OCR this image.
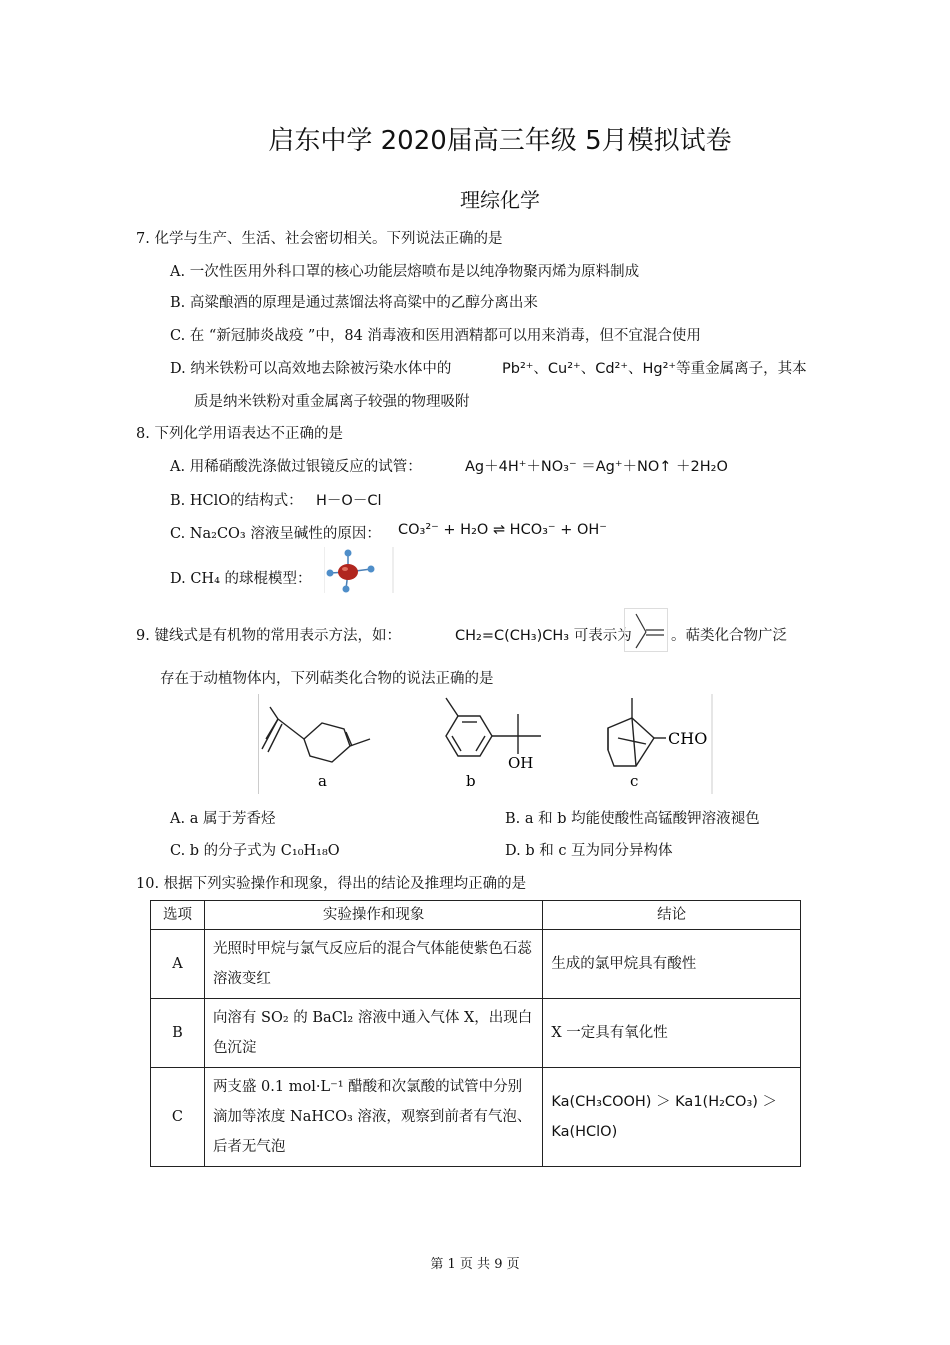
启东中学 2020届高三年级 5月模拟试卷
理综化学
7. 化学与生产、生活、社会密切相关。下列说法正确的是
A. 一次性医用外科口罩的核心功能层熔喷布是以纯净物聚丙烯为原料制成
B. 高粱酿酒的原理是通过蒸馏法将高粱中的乙醇分离出来
C. 在 “新冠肺炎战疫 ”中，84 消毒液和医用酒精都可以用来消毒，但不宜混合使用
D. 纳米铁粉可以高效地去除被污染水体中的	Pb²⁺、Cu²⁺、Cd²⁺、Hg²⁺等重金属离子，其本
质是纳米铁粉对重金属离子较强的物理吸附
8. 下列化学用语表达不正确的是
A. 用稀硝酸洗涤做过银镜反应的试管：	Ag＋4H⁺＋NO₃⁻ ＝Ag⁺＋NO↑ ＋2H₂O
B. HClO的结构式： H－O－Cl
C. Na₂CO₃ 溶液呈碱性的原因： CO₃²⁻ + H₂O ⇌ HCO₃⁻ + OH⁻
D. CH₄ 的球棍模型：
9. 键线式是有机物的常用表示方法，如：	CH₂=C(CH₃)CH₃ 可表示为	。萜类化合物广泛
存在于动植物体内，下列萜类化合物的说法正确的是
a
OH
b
CHO
c
A. a 属于芳香烃	B. a 和 b 均能使酸性高锰酸钾溶液褪色
C. b 的分子式为 C₁₀H₁₈O	D. b 和 c 互为同分异构体
10. 根据下列实验操作和现象，得出的结论及推理均正确的是
选项	实验操作和现象	结论
A	光照时甲烷与氯气反应后的混合气体能使紫色石蕊溶液变红	生成的氯甲烷具有酸性
B	向溶有 SO₂ 的 BaCl₂ 溶液中通入气体 X，出现白色沉淀	X 一定具有氧化性
C	两支盛 0.1 mol·L⁻¹ 醋酸和次氯酸的试管中分别滴加等浓度 NaHCO₃ 溶液，观察到前者有气泡、后者无气泡	Ka(CH₃COOH) ＞ Ka1(H₂CO₃) ＞ Ka(HClO)
第 1 页 共 9 页
